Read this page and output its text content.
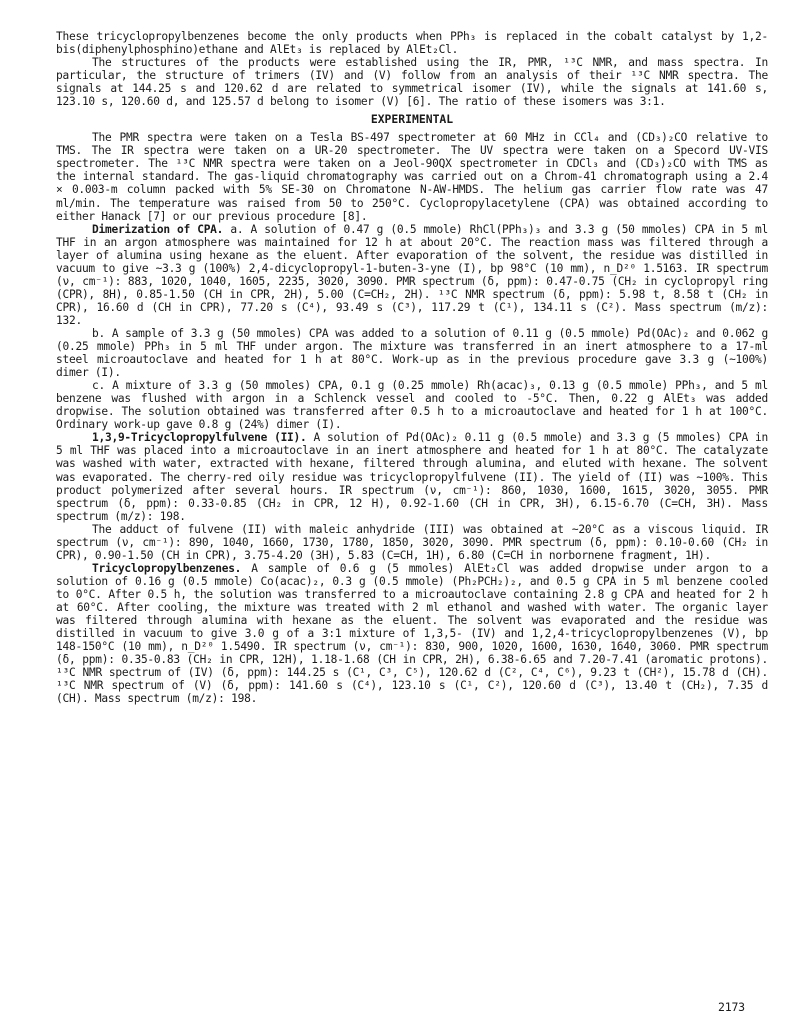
These tricyclopropylbenzenes become the only products when PPh₃ is replaced in the cobalt catalyst by 1,2-bis(diphenylphosphino)ethane and AlEt₃ is replaced by AlEt₂Cl.

The structures of the products were established using the IR, PMR, ¹³C NMR, and mass spectra. In particular, the structure of trimers (IV) and (V) follow from an analysis of their ¹³C NMR spectra. The signals at 144.25 s and 120.62 d are related to symmetrical isomer (IV), while the signals at 141.60 s, 123.10 s, 120.60 d, and 125.57 d belong to isomer (V) [6]. The ratio of these isomers was 3:1.

EXPERIMENTAL

The PMR spectra were taken on a Tesla BS-497 spectrometer at 60 MHz in CCl₄ and (CD₃)₂CO relative to TMS. The IR spectra were taken on a UR-20 spectrometer. The UV spectra were taken on a Specord UV-VIS spectrometer. The ¹³C NMR spectra were taken on a Jeol-90QX spectrometer in CDCl₃ and (CD₃)₂CO with TMS as the internal standard. The gas-liquid chromatography was carried out on a Chrom-41 chromatograph using a 2.4 × 0.003-m column packed with 5% SE-30 on Chromatone N-AW-HMDS. The helium gas carrier flow rate was 47 ml/min. The temperature was raised from 50 to 250°C. Cyclopropylacetylene (CPA) was obtained according to either Hanack [7] or our previous procedure [8].

Dimerization of CPA. a. A solution of 0.47 g (0.5 mmole) RhCl(PPh₃)₃ and 3.3 g (50 mmoles) CPA in 5 ml THF in an argon atmosphere was maintained for 12 h at about 20°C. The reaction mass was filtered through a layer of alumina using hexane as the eluent. After evaporation of the solvent, the residue was distilled in vacuum to give ~3.3 g (100%) 2,4-dicyclopropyl-1-buten-3-yne (I), bp 98°C (10 mm), n_D²⁰ 1.5163. IR spectrum (ν, cm⁻¹): 883, 1020, 1040, 1605, 2235, 3020, 3090. PMR spectrum (δ, ppm): 0.47-0.75 (CH₂ in cyclopropyl ring (CPR), 8H), 0.85-1.50 (CH in CPR, 2H), 5.00 (C=CH₂, 2H). ¹³C NMR spectrum (δ, ppm): 5.98 t, 8.58 t (CH₂ in CPR), 16.60 d (CH in CPR), 77.20 s (C⁴), 93.49 s (C³), 117.29 t (C¹), 134.11 s (C²). Mass spectrum (m/z): 132.

b. A sample of 3.3 g (50 mmoles) CPA was added to a solution of 0.11 g (0.5 mmole) Pd(OAc)₂ and 0.062 g (0.25 mmole) PPh₃ in 5 ml THF under argon. The mixture was transferred in an inert atmosphere to a 17-ml steel microautoclave and heated for 1 h at 80°C. Work-up as in the previous procedure gave 3.3 g (~100%) dimer (I).

c. A mixture of 3.3 g (50 mmoles) CPA, 0.1 g (0.25 mmole) Rh(acac)₃, 0.13 g (0.5 mmole) PPh₃, and 5 ml benzene was flushed with argon in a Schlenck vessel and cooled to -5°C. Then, 0.22 g AlEt₃ was added dropwise. The solution obtained was transferred after 0.5 h to a microautoclave and heated for 1 h at 100°C. Ordinary work-up gave 0.8 g (24%) dimer (I).

1,3,9-Tricyclopropylfulvene (II). A solution of Pd(OAc)₂ 0.11 g (0.5 mmole) and 3.3 g (5 mmoles) CPA in 5 ml THF was placed into a microautoclave in an inert atmosphere and heated for 1 h at 80°C. The catalyzate was washed with water, extracted with hexane, filtered through alumina, and eluted with hexane. The solvent was evaporated. The cherry-red oily residue was tricyclopropylfulvene (II). The yield of (II) was ~100%. This product polymerized after several hours. IR spectrum (ν, cm⁻¹): 860, 1030, 1600, 1615, 3020, 3055. PMR spectrum (δ, ppm): 0.33-0.85 (CH₂ in CPR, 12 H), 0.92-1.60 (CH in CPR, 3H), 6.15-6.70 (C=CH, 3H). Mass spectrum (m/z): 198.

The adduct of fulvene (II) with maleic anhydride (III) was obtained at ~20°C as a viscous liquid. IR spectrum (ν, cm⁻¹): 890, 1040, 1660, 1730, 1780, 1850, 3020, 3090. PMR spectrum (δ, ppm): 0.10-0.60 (CH₂ in CPR), 0.90-1.50 (CH in CPR), 3.75-4.20 (3H), 5.83 (C=CH, 1H), 6.80 (C=CH in norbornene fragment, 1H).

Tricyclopropylbenzenes. A sample of 0.6 g (5 mmoles) AlEt₂Cl was added dropwise under argon to a solution of 0.16 g (0.5 mmole) Co(acac)₂, 0.3 g (0.5 mmole) (Ph₂PCH₂)₂, and 0.5 g CPA in 5 ml benzene cooled to 0°C. After 0.5 h, the solution was transferred to a microautoclave containing 2.8 g CPA and heated for 2 h at 60°C. After cooling, the mixture was treated with 2 ml ethanol and washed with water. The organic layer was filtered through alumina with hexane as the eluent. The solvent was evaporated and the residue was distilled in vacuum to give 3.0 g of a 3:1 mixture of 1,3,5- (IV) and 1,2,4-tricyclopropylbenzenes (V), bp 148-150°C (10 mm), n_D²⁰ 1.5490. IR spectrum (ν, cm⁻¹): 830, 900, 1020, 1600, 1630, 1640, 3060. PMR spectrum (δ, ppm): 0.35-0.83 (CH₂ in CPR, 12H), 1.18-1.68 (CH in CPR, 2H), 6.38-6.65 and 7.20-7.41 (aromatic protons). ¹³C NMR spectrum of (IV) (δ, ppm): 144.25 s (C¹, C³, C⁵), 120.62 d (C², C⁴, C⁶), 9.23 t (CH²), 15.78 d (CH). ¹³C NMR spectrum of (V) (δ, ppm): 141.60 s (C⁴), 123.10 s (C¹, C²), 120.60 d (C³), 13.40 t (CH₂), 7.35 d (CH). Mass spectrum (m/z): 198.

2173
